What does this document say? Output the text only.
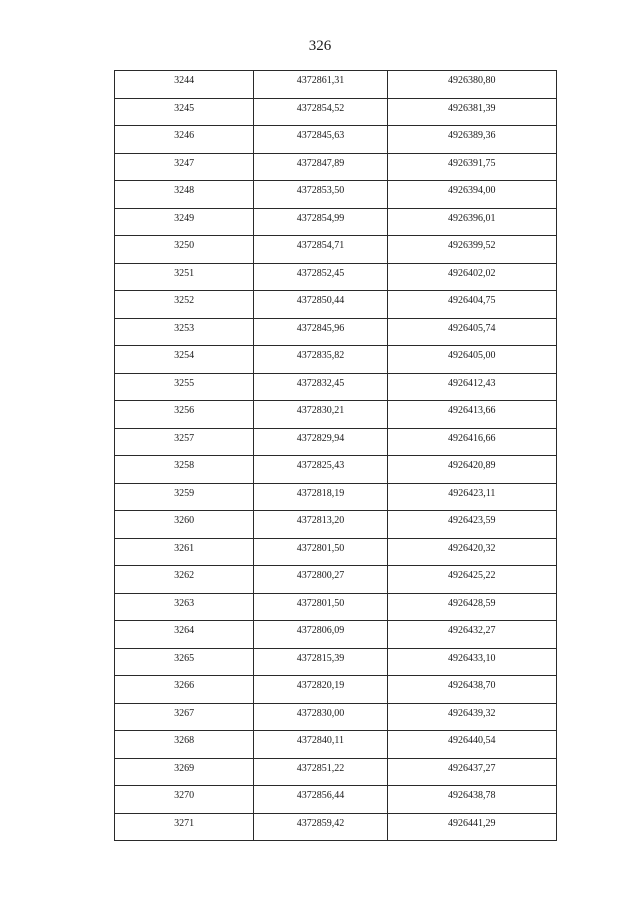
326
3244	4372861,31	4926380,80

3245	4372854,52	4926381,39

3246	4372845,63	4926389,36

3247	4372847,89	4926391,75

3248	4372853,50	4926394,00

3249	4372854,99	4926396,01

3250	4372854,71	4926399,52

3251	4372852,45	4926402,02

3252	4372850,44	4926404,75

3253	4372845,96	4926405,74

3254	4372835,82	4926405,00

3255	4372832,45	4926412,43

3256	4372830,21	4926413,66

3257	4372829,94	4926416,66

3258	4372825,43	4926420,89

3259	4372818,19	4926423,11

3260	4372813,20	4926423,59

3261	4372801,50	4926420,32

3262	4372800,27	4926425,22

3263	4372801,50	4926428,59

3264	4372806,09	4926432,27

3265	4372815,39	4926433,10

3266	4372820,19	4926438,70

3267	4372830,00	4926439,32

3268	4372840,11	4926440,54

3269	4372851,22	4926437,27

3270	4372856,44	4926438,78

3271	4372859,42	4926441,29
